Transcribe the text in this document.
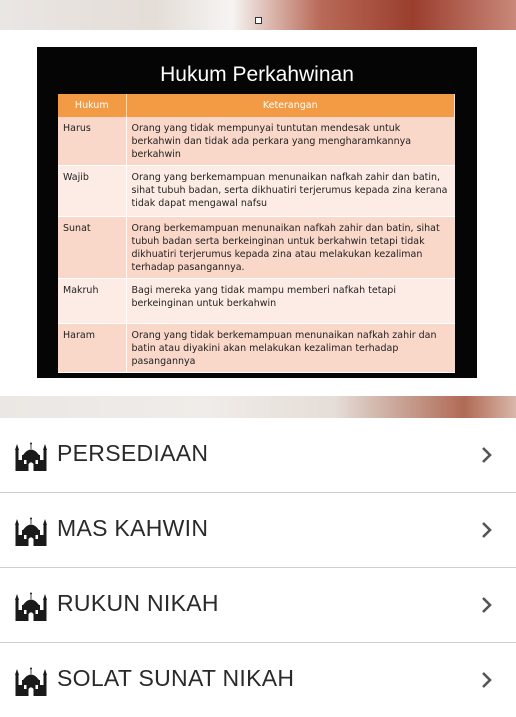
Hukum Perkahwinan
Hukum	Keterangan
Harus	Orang yang tidak mempunyai tuntutan mendesak untuk berkahwin dan tidak ada perkara yang mengharamkannya berkahwin
Wajib	Orang yang berkemampuan menunaikan nafkah zahir dan batin, sihat tubuh badan, serta dikhuatiri terjerumus kepada zina kerana tidak dapat mengawal nafsu
Sunat	Orang berkemampuan menunaikan nafkah zahir dan batin, sihat tubuh badan serta berkeinginan untuk berkahwin tetapi tidak dikhuatiri terjerumus kepada zina atau melakukan kezaliman terhadap pasangannya.
Makruh	Bagi mereka yang tidak mampu memberi nafkah tetapi berkeinginan untuk berkahwin
Haram	Orang yang tidak berkemampuan menunaikan nafkah zahir dan batin atau diyakini akan melakukan kezaliman terhadap pasangannya
PERSEDIAAN
MAS KAHWIN
RUKUN NIKAH
SOLAT SUNAT NIKAH
